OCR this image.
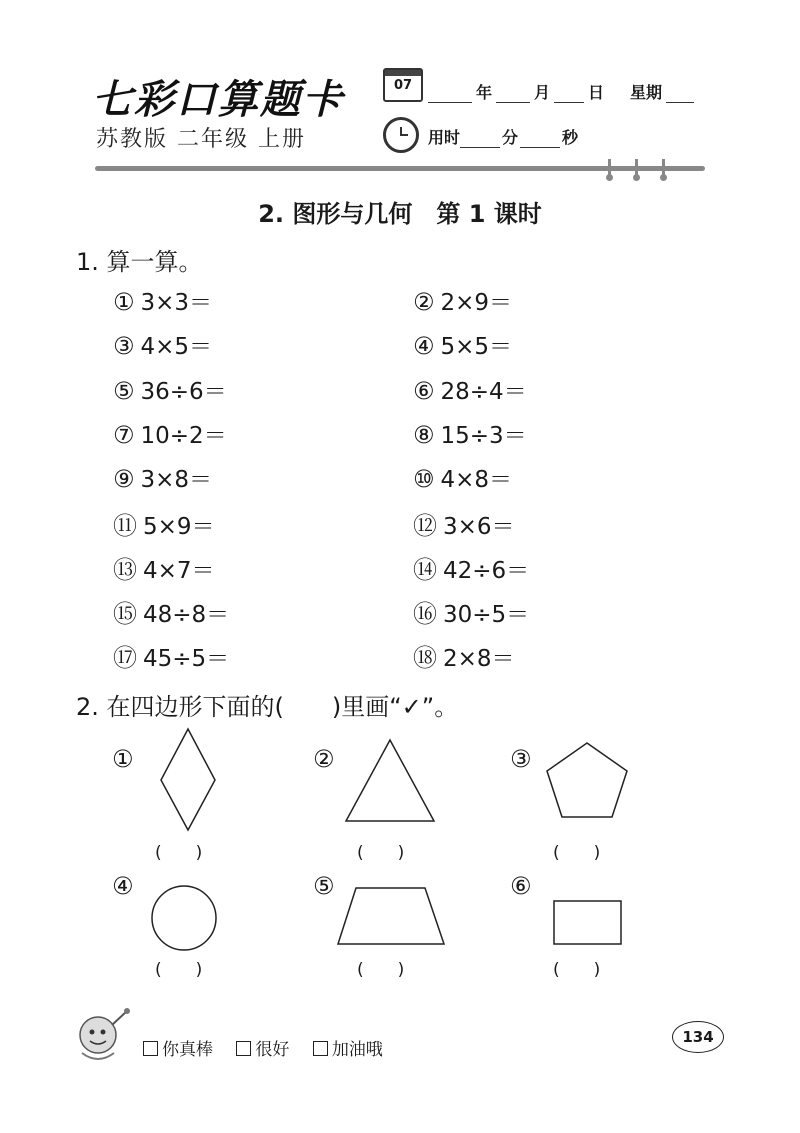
七彩口算题卡
苏教版 二年级 上册
07	年	月 日 星期
用时	分	秒
2. 图形与几何　第 1 课时
1. 算一算。
① 3×3＝	② 2×9＝
③ 4×5＝	④ 5×5＝
⑤ 36÷6＝	⑥ 28÷4＝
⑦ 10÷2＝	⑧ 15÷3＝
⑨ 3×8＝	⑩ 4×8＝
⑪ 5×9＝	⑫ 3×6＝
⑬ 4×7＝	⑭ 42÷6＝
⑮ 48÷8＝	⑯ 30÷5＝
⑰ 45÷5＝	⑱ 2×8＝
2. 在四边形下面的(　　)里画“✓”。
①	②	③
(　　)	(　　)	(　　)
④	⑤	⑥
(　　)	(　　)	(　　)
你真棒 很好 加油哦
134
